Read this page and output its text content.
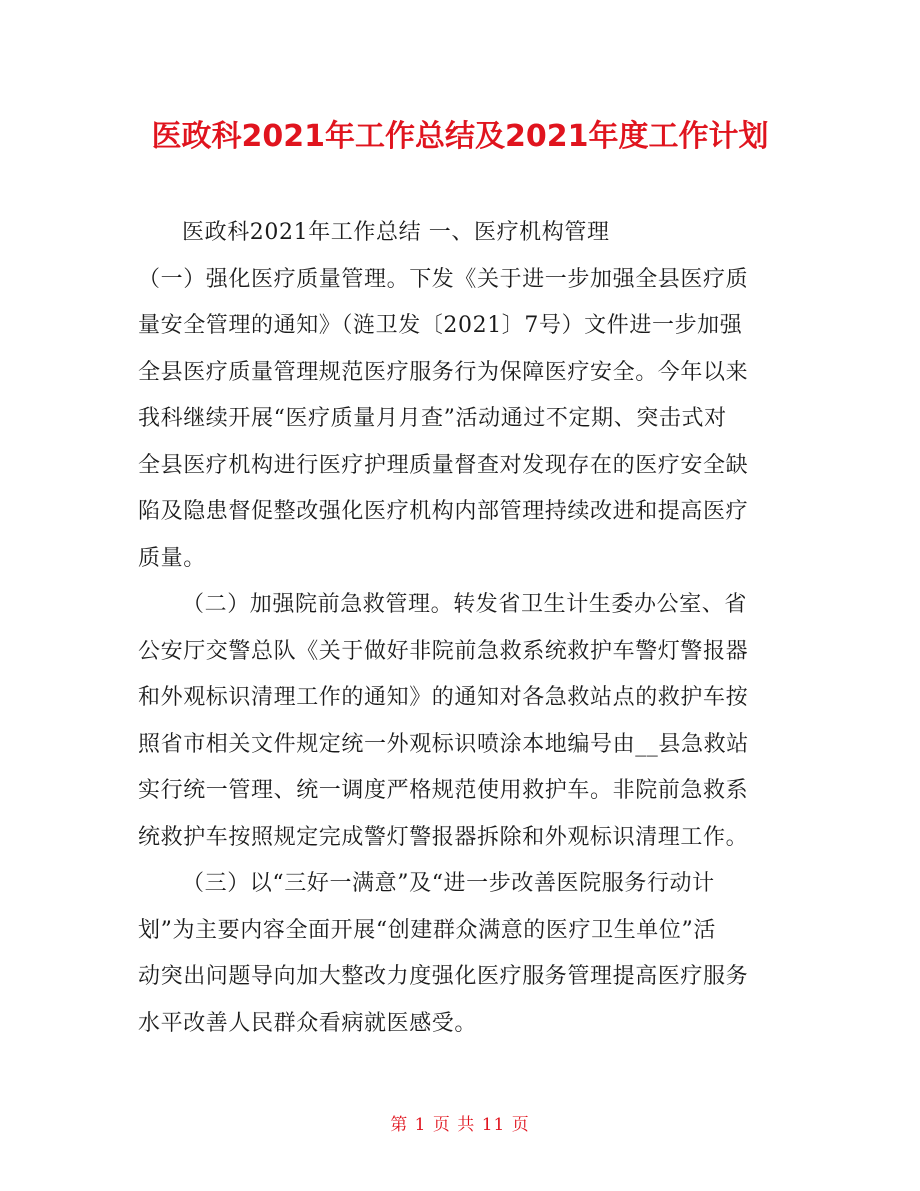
医政科2021年工作总结及2021年度工作计划
医政科2021年工作总结 一、医疗机构管理
（一）强化医疗质量管理。下发《关于进一步加强全县医疗质
量安全管理的通知》（涟卫发〔2021〕7号）文件进一步加强
全县医疗质量管理规范医疗服务行为保障医疗安全。今年以来
我科继续开展“医疗质量月月查”活动通过不定期、突击式对
全县医疗机构进行医疗护理质量督查对发现存在的医疗安全缺
陷及隐患督促整改强化医疗机构内部管理持续改进和提高医疗
质量。
（二）加强院前急救管理。转发省卫生计生委办公室、省
公安厅交警总队《关于做好非院前急救系统救护车警灯警报器
和外观标识清理工作的通知》的通知对各急救站点的救护车按
照省市相关文件规定统一外观标识喷涂本地编号由__县急救站
实行统一管理、统一调度严格规范使用救护车。非院前急救系
统救护车按照规定完成警灯警报器拆除和外观标识清理工作。
（三）以“三好一满意”及“进一步改善医院服务行动计
划”为主要内容全面开展“创建群众满意的医疗卫生单位”活
动突出问题导向加大整改力度强化医疗服务管理提高医疗服务
水平改善人民群众看病就医感受。
第 1 页 共 11 页
